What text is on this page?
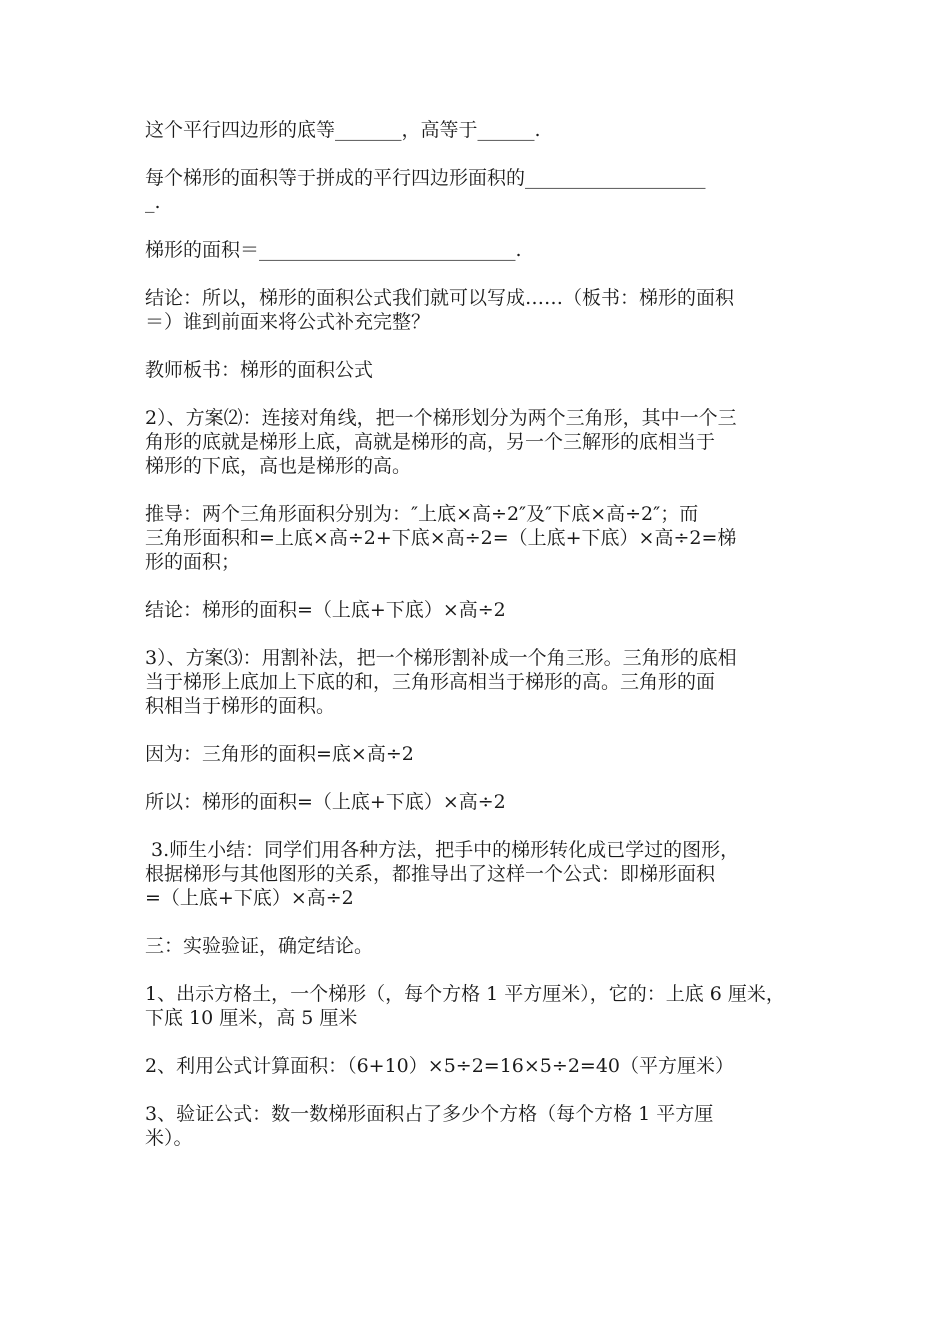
这个平行四边形的底等_______，高等于______.

每个梯形的面积等于拼成的平行四边形面积的___________________
_.

梯形的面积＝___________________________.

结论：所以，梯形的面积公式我们就可以写成……（板书：梯形的面积
＝）谁到前面来将公式补充完整？

教师板书：梯形的面积公式

2）、方案⑵：连接对角线，把一个梯形划分为两个三角形，其中一个三
角形的底就是梯形上底，高就是梯形的高，另一个三解形的底相当于
梯形的下底，高也是梯形的高。

推导：两个三角形面积分别为：″上底×高÷2″及″下底×高÷2″；而
三角形面积和=上底×高÷2+下底×高÷2=（上底+下底）×高÷2=梯
形的面积；

结论：梯形的面积=（上底+下底）×高÷2

3）、方案⑶：用割补法，把一个梯形割补成一个角三形。三角形的底相
当于梯形上底加上下底的和，三角形高相当于梯形的高。三角形的面
积相当于梯形的面积。

因为：三角形的面积=底×高÷2

所以：梯形的面积=（上底+下底）×高÷2

3.师生小结：同学们用各种方法，把手中的梯形转化成已学过的图形，
根据梯形与其他图形的关系，都推导出了这样一个公式：即梯形面积
=（上底+下底）×高÷2

三：实验验证，确定结论。

1、出示方格土，一个梯形（，每个方格 1 平方厘米），它的：上底 6 厘米，
下底 10 厘米，高 5 厘米

2、利用公式计算面积：（6+10）×5÷2=16×5÷2=40（平方厘米）

3、验证公式：数一数梯形面积占了多少个方格（每个方格 1 平方厘
米）。
